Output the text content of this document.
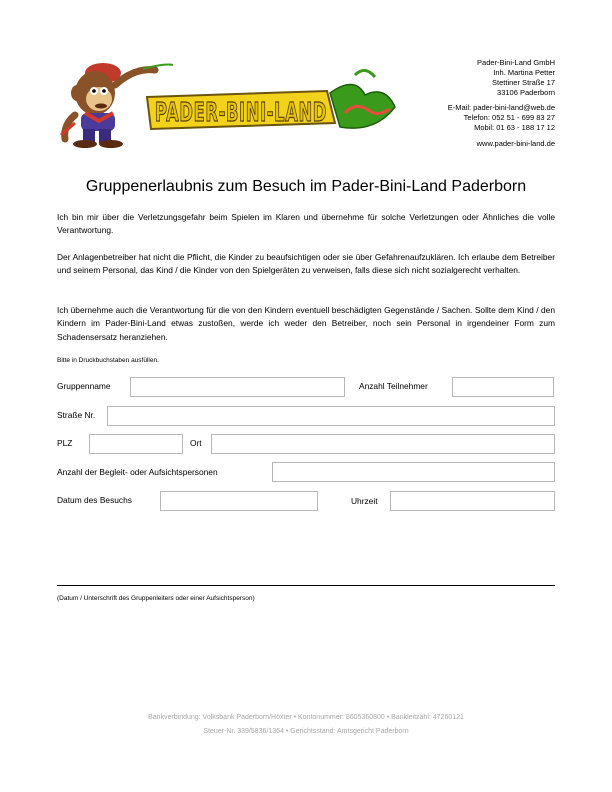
PADER-BINI-LAND
Pader-Bini-Land GmbH
Inh. Martina Petter
Stettiner Straße 17
33106 Paderborn
E-Mail: pader-bini-land@web.de
Telefon: 052 51 - 699 83 27
Mobil: 01 63 - 188 17 12
www.pader-bini-land.de
Gruppenerlaubnis zum Besuch im Pader-Bini-Land Paderborn

Ich bin mir über die Verletzungsgefahr beim Spielen im Klaren und übernehme für solche Verletzungen oder Ähnliches die volle Verantwortung.

Der Anlagenbetreiber hat nicht die Pflicht, die Kinder zu beaufsichtigen oder sie über Gefahrenaufzuklären. Ich erlaube dem Betreiber und seinem Personal, das Kind / die Kinder von den Spielgeräten zu verweisen, falls diese sich nicht sozialgerecht verhalten.

Ich übernehme auch die Verantwortung für die von den Kindern eventuell beschädigten Gegenstände / Sachen. Sollte dem Kind / den Kindern im Pader-Bini-Land etwas zustoßen, werde ich weder den Betreiber, noch sein Personal in irgendeiner Form zum Schadensersatz heranziehen.

Bitte in Druckbuchstaben ausfüllen.
Gruppenname	Anzahl Teilnehmer
Straße Nr.
PLZ	Ort
Anzahl der Begleit- oder Aufsichtspersonen
Datum des Besuchs	Uhrzeit
(Datum / Unterschrift des Gruppenleiters oder einer Aufsichtsperson)
Bankverbindung: Volksbank Paderborn/Höxter • Kontonummer: 8605360800 • Bankleitzahl: 47260121
Steuer-Nr. 339/5836/1364 • Gerichtsstand: Amtsgericht Paderborn
